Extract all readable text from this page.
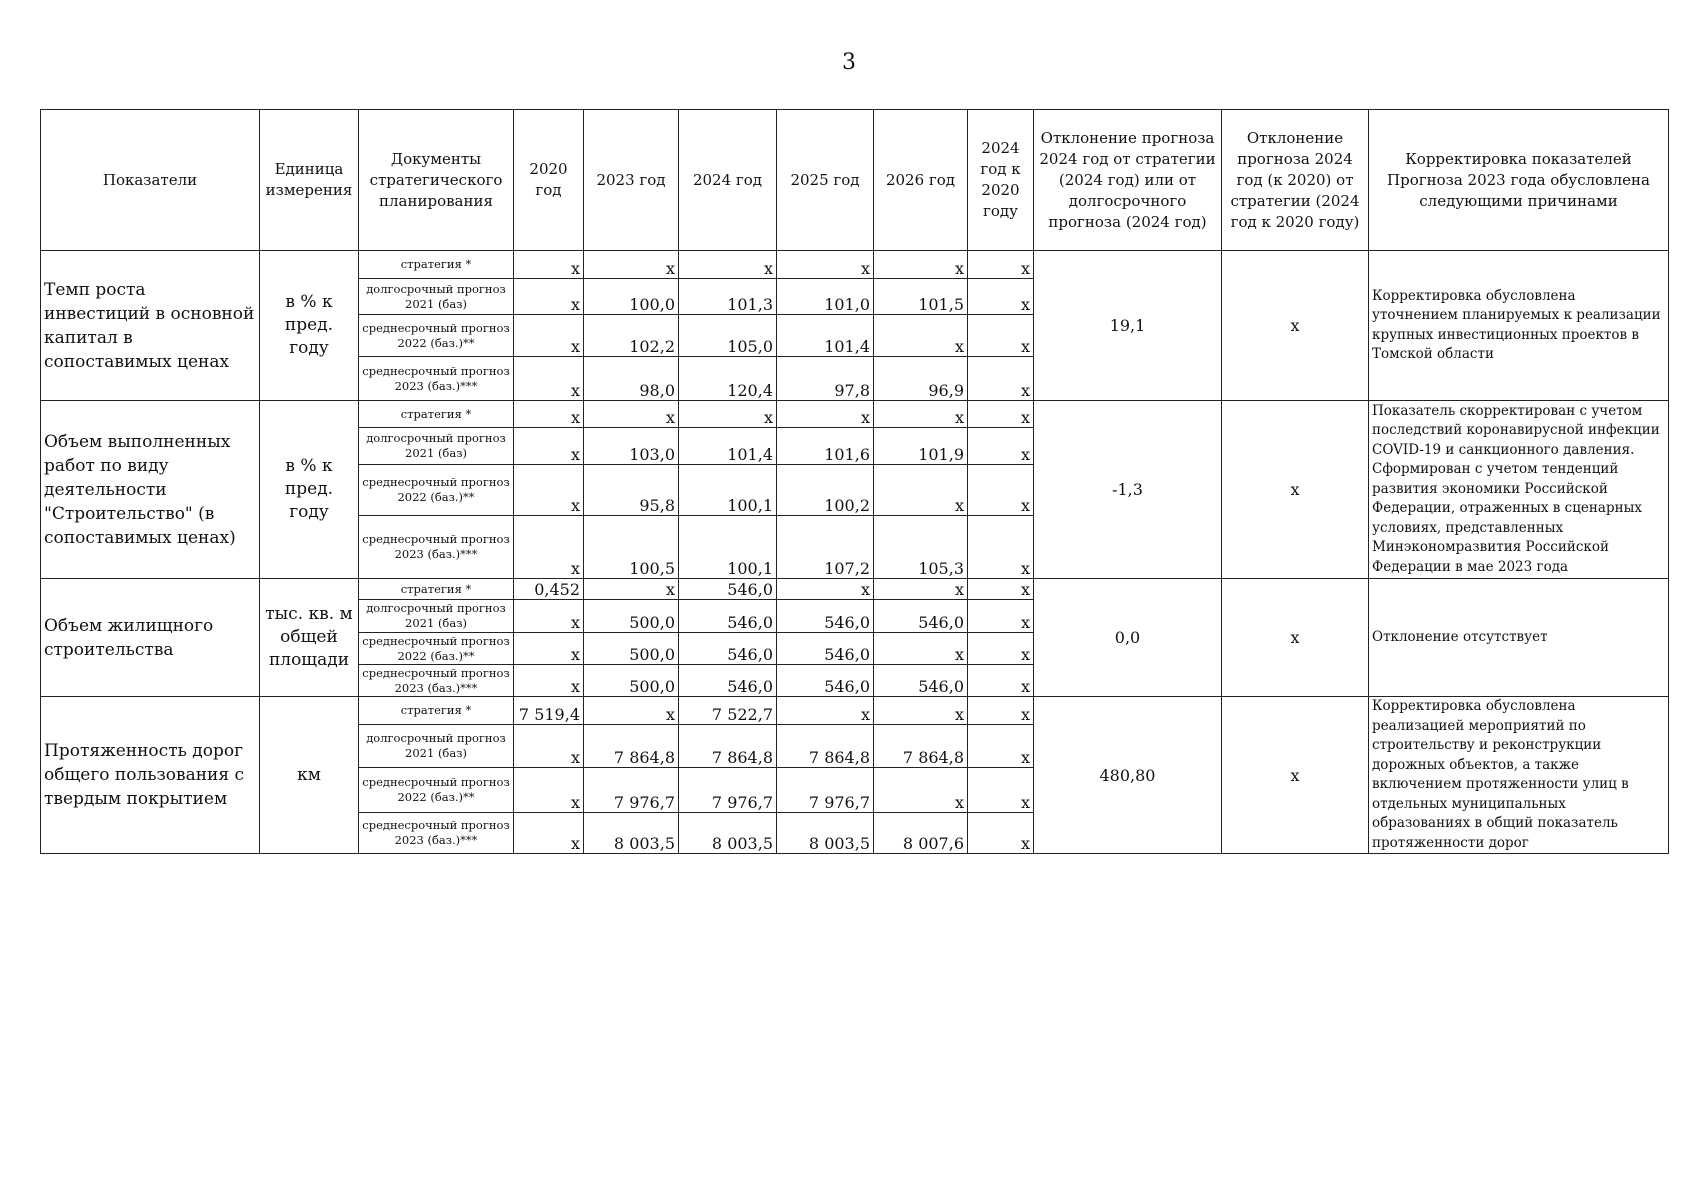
3
Показатели	Единица измерения	Документы стратегического планирования	2020 год	2023 год	2024 год	2025 год	2026 год	2024 год к 2020 году	Отклонение прогноза 2024 год от стратегии (2024 год) или от долгосрочного прогноза (2024 год)	Отклонение прогноза 2024 год (к 2020) от стратегии (2024 год к 2020 году)	Корректировка показателей Прогноза 2023 года обусловлена следующими причинами
Темп роста инвестиций в основной капитал в сопоставимых ценах	в % к пред. году	стратегия *	x	x	x	x	x	x	19,1	x	Корректировка обусловлена уточнением планируемых к реализации крупных инвестиционных проектов в Томской области
		долгосрочный прогноз 2021 (баз)	x	100,0	101,3	101,0	101,5	x			
		среднесрочный прогноз 2022 (баз.)**	x	102,2	105,0	101,4	x	x			
		среднесрочный прогноз 2023 (баз.)***	x	98,0	120,4	97,8	96,9	x			
Объем выполненных работ по виду деятельности "Строительство" (в сопоставимых ценах)	в % к пред. году	стратегия *	x	x	x	x	x	x	-1,3	x	Показатель скорректирован с учетом последствий коронавирусной инфекции COVID-19 и санкционного давления. Сформирован с учетом тенденций развития экономики Российской Федерации, отраженных в сценарных условиях, представленных Минэкономразвития Российской Федерации в мае 2023 года
		долгосрочный прогноз 2021 (баз)	x	103,0	101,4	101,6	101,9	x			
		среднесрочный прогноз 2022 (баз.)**	x	95,8	100,1	100,2	x	x			
		среднесрочный прогноз 2023 (баз.)***	x	100,5	100,1	107,2	105,3	x			
Объем жилищного строительства	тыс. кв. м общей площади	стратегия *	0,452	x	546,0	x	x	x	0,0	x	Отклонение отсутствует
		долгосрочный прогноз 2021 (баз)	x	500,0	546,0	546,0	546,0	x			
		среднесрочный прогноз 2022 (баз.)**	x	500,0	546,0	546,0	x	x			
		среднесрочный прогноз 2023 (баз.)***	x	500,0	546,0	546,0	546,0	x			
Протяженность дорог общего пользования с твердым покрытием	км	стратегия *	7 519,4	x	7 522,7	x	x	x	480,80	x	Корректировка обусловлена реализацией мероприятий по строительству и реконструкции дорожных объектов, а также включением протяженности улиц в отдельных муниципальных образованиях в общий показатель протяженности дорог
		долгосрочный прогноз 2021 (баз)	x	7 864,8	7 864,8	7 864,8	7 864,8	x			
		среднесрочный прогноз 2022 (баз.)**	x	7 976,7	7 976,7	7 976,7	x	x			
		среднесрочный прогноз 2023 (баз.)***	x	8 003,5	8 003,5	8 003,5	8 007,6	x			
